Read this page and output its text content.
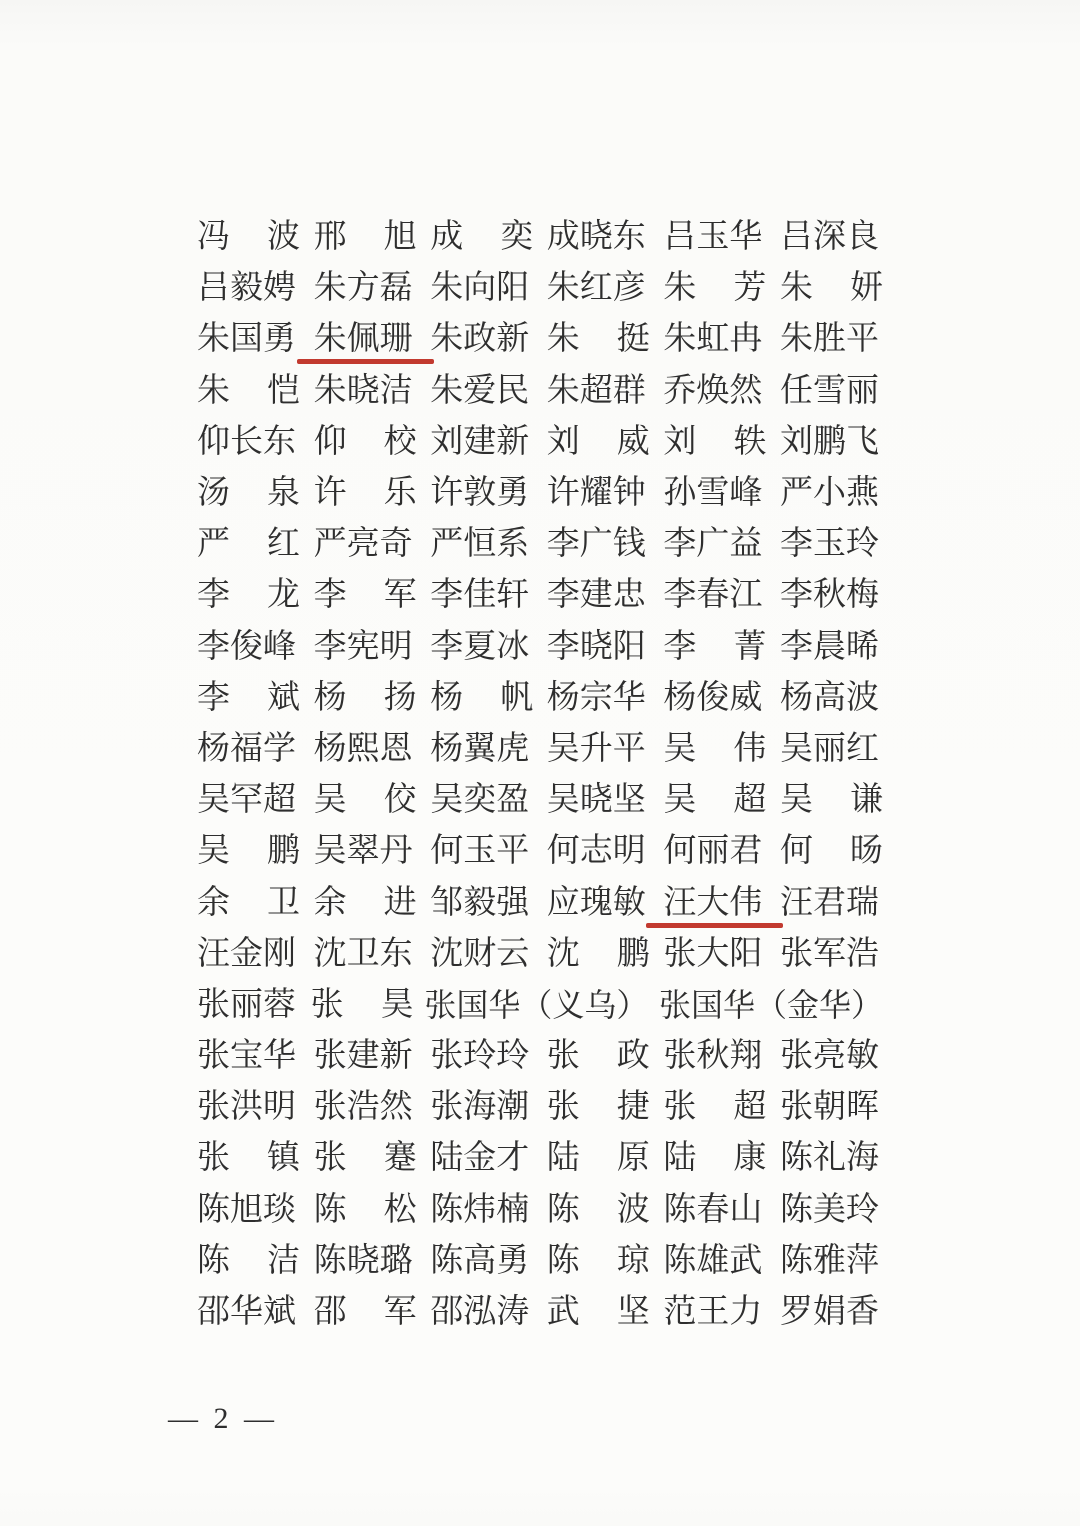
冯 波 邢 旭 成 奕 成晓东 吕玉华 吕深良
吕毅娉 朱方磊 朱向阳 朱红彦 朱 芳 朱 妍
朱国勇 朱佩珊 朱政新 朱 挺 朱虹冉 朱胜平
朱 恺 朱晓洁 朱爱民 朱超群 乔焕然 任雪丽
仰长东 仰 校 刘建新 刘 威 刘 轶 刘鹏飞
汤 泉 许 乐 许敦勇 许耀钟 孙雪峰 严小燕
严 红 严亮奇 严恒系 李广钱 李广益 李玉玲
李 龙 李 军 李佳轩 李建忠 李春江 李秋梅
李俊峰 李宪明 李夏冰 李晓阳 李 菁 李晨晞
李 斌 杨 扬 杨 帆 杨宗华 杨俊威 杨高波
杨福学 杨熙恩 杨翼虎 吴升平 吴 伟 吴丽红
吴罕超 吴 佼 吴奕盈 吴晓坚 吴 超 吴 谦
吴 鹏 吴翠丹 何玉平 何志明 何丽君 何 旸
余 卫 余 进 邹毅强 应瑰敏 汪大伟 汪君瑞
汪金刚 沈卫东 沈财云 沈 鹏 张大阳 张军浩
张丽蓉 张 昊 张国华（义乌） 张国华（金华）
张宝华 张建新 张玲玲 张 政 张秋翔 张亮敏
张洪明 张浩然 张海潮 张 捷 张 超 张朝晖
张 镇 张 蹇 陆金才 陆 原 陆 康 陈礼海
陈旭琰 陈 松 陈炜楠 陈 波 陈春山 陈美玲
陈 洁 陈晓璐 陈高勇 陈 琼 陈雄武 陈雅萍
邵华斌 邵 军 邵泓涛 武 坚 范王力 罗娟香
— 2 —
